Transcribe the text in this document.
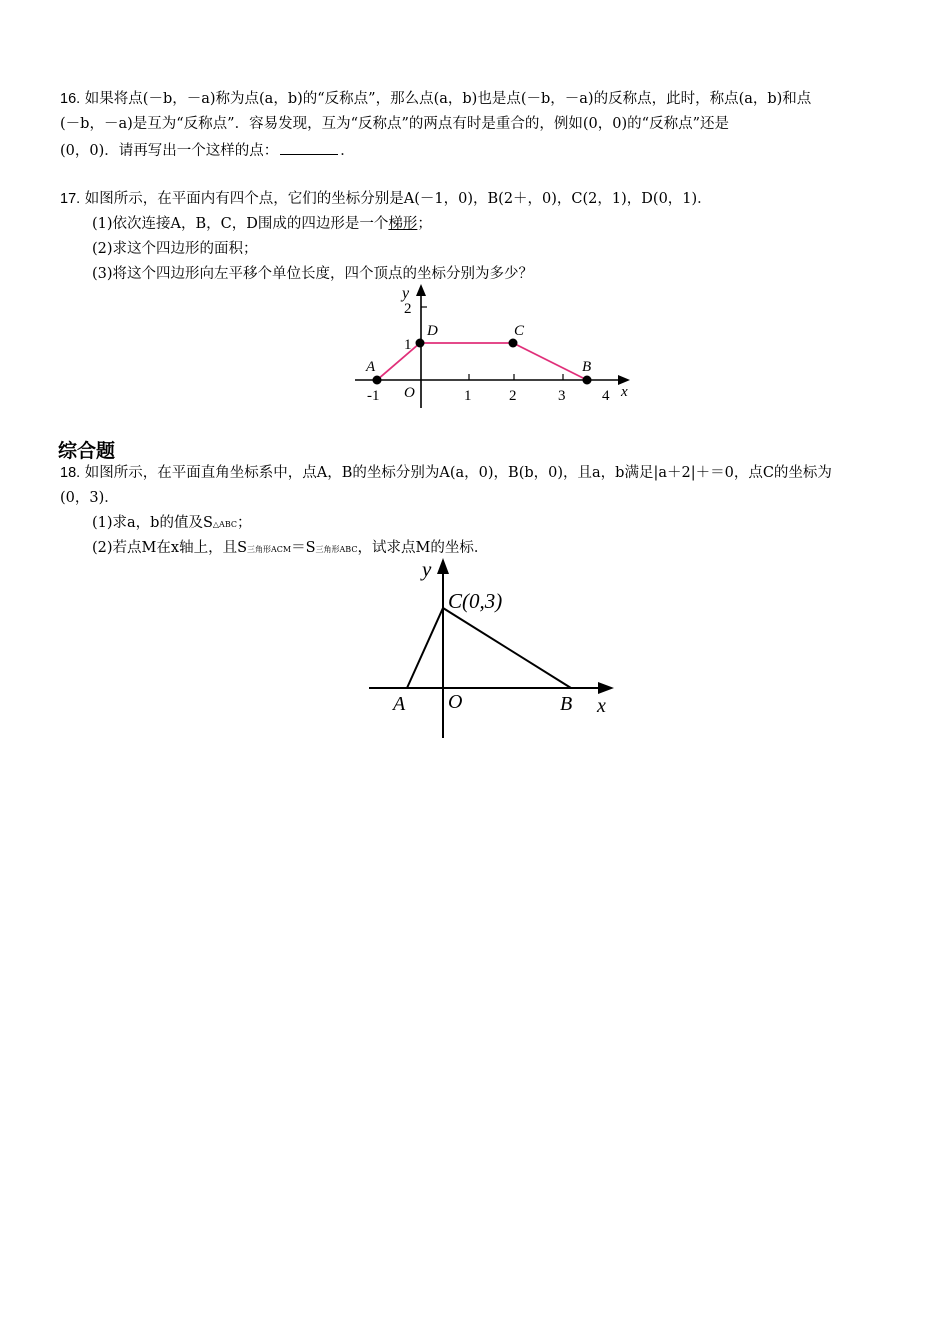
16. 如果将点(－b，－a)称为点(a，b)的“反称点”，那么点(a，b)也是点(－b，－a)的反称点，此时，称点(a，b)和点
(－b，－a)是互为“反称点”．容易发现，互为“反称点”的两点有时是重合的，例如(0，0)的“反称点”还是
(0，0)．请再写出一个这样的点：	．
17. 如图所示，在平面内有四个点，它们的坐标分别是A(－1，0)，B(2＋，0)，C(2，1)，D(0，1)．
(1)依次连接A，B，C，D围成的四边形是一个梯形；
(2)求这个四边形的面积；
(3)将这个四边形向左平移个单位长度，四个顶点的坐标分别为多少？
y
x
O
2
1
-1	1	2	3 4
A
D	C
B
综合题
18. 如图所示，在平面直角坐标系中，点A，B的坐标分别为A(a，0)，B(b，0)，且a，b满足|a＋2|＋＝0，点C的坐标为
(0，3)．
(1)求a，b的值及S△ABC；
(2)若点M在x轴上，且S三角形ACM＝S三角形ABC，试求点M的坐标．
y
x
O
C(0,3)
A	B
